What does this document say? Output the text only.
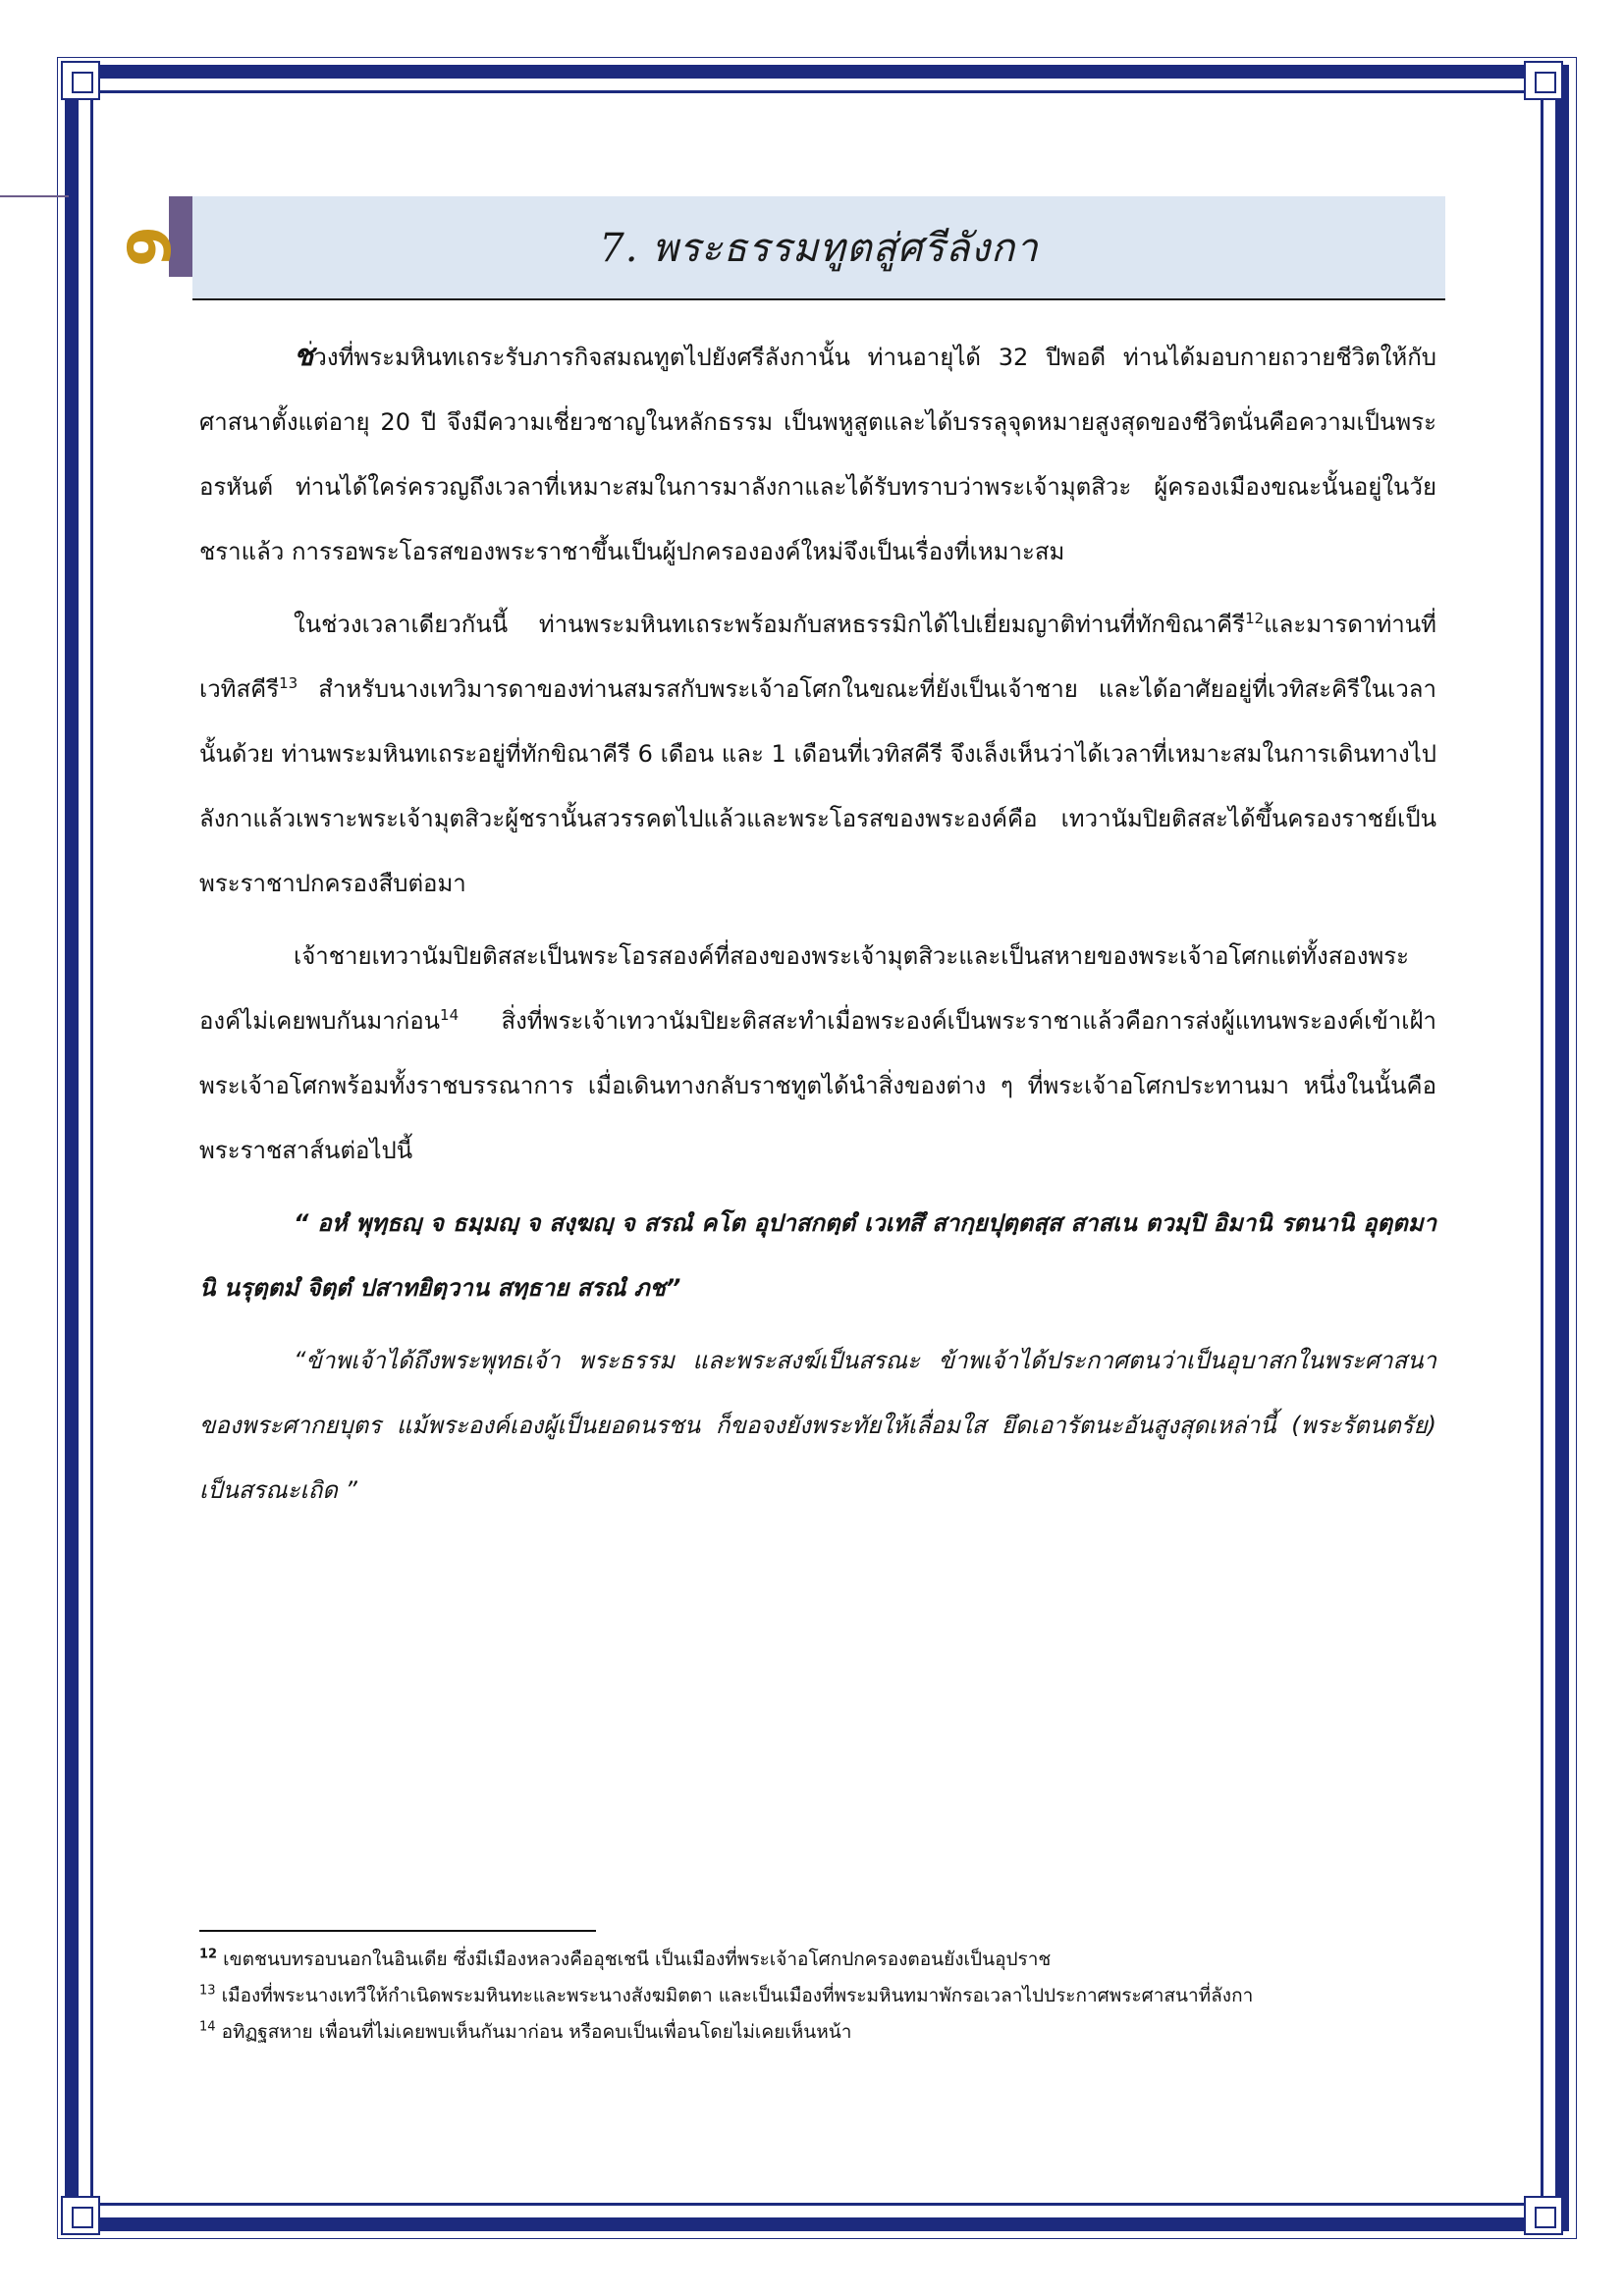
9	7. พระธรรมทูตสู่ศรีลังกา

ช่วงที่พระมหินทเถระรับภารกิจสมณทูตไปยังศรีลังกานั้น ท่านอายุได้ 32 ปีพอดี ท่านได้มอบกายถวายชีวิตให้กับศาสนาตั้งแต่อายุ 20 ปี จึงมีความเชี่ยวชาญในหลักธรรม เป็นพหูสูตและได้บรรลุจุดหมายสูงสุดของชีวิตนั่นคือความเป็นพระอรหันต์ ท่านได้ใคร่ครวญถึงเวลาที่เหมาะสมในการมาลังกาและได้รับทราบว่าพระเจ้ามุตสิวะ ผู้ครองเมืองขณะนั้นอยู่ในวัยชราแล้ว การรอพระโอรสของพระราชาขึ้นเป็นผู้ปกครององค์ใหม่จึงเป็นเรื่องที่เหมาะสม

ในช่วงเวลาเดียวกันนี้ ท่านพระมหินทเถระพร้อมกับสหธรรมิกได้ไปเยี่ยมญาติท่านที่ทักขิณาคีรี$^{12}$และมารดาท่านที่เวทิสคีรี$^{13}$ สำหรับนางเทวิมารดาของท่านสมรสกับพระเจ้าอโศกในขณะที่ยังเป็นเจ้าชาย และได้อาศัยอยู่ที่เวทิสะคิรีในเวลานั้นด้วย ท่านพระมหินทเถระอยู่ที่ทักขิณาคีรี 6 เดือน และ 1 เดือนที่เวทิสคีรี จึงเล็งเห็นว่าได้เวลาที่เหมาะสมในการเดินทางไปลังกาแล้วเพราะพระเจ้ามุตสิวะผู้ชรานั้นสวรรคตไปแล้วและพระโอรสของพระองค์คือ เทวานัมปิยติสสะได้ขึ้นครองราชย์เป็นพระราชาปกครองสืบต่อมา

เจ้าชายเทวานัมปิยติสสะเป็นพระโอรสองค์ที่สองของพระเจ้ามุตสิวะและเป็นสหายของพระเจ้าอโศกแต่ทั้งสองพระองค์ไม่เคยพบกันมาก่อน$^{14}$ สิ่งที่พระเจ้าเทวานัมปิยะติสสะทำเมื่อพระองค์เป็นพระราชาแล้วคือการส่งผู้แทนพระองค์เข้าเฝ้าพระเจ้าอโศกพร้อมทั้งราชบรรณาการ เมื่อเดินทางกลับราชทูตได้นำสิ่งของต่าง ๆ ที่พระเจ้าอโศกประทานมา หนึ่งในนั้นคือพระราชสาส์นต่อไปนี้

“ อหํ พุทฺธญฺ จ ธมฺมญฺ จ สงฺฆญฺ จ สรณํ คโต อุปาสกตฺตํ เวเทสึ สากฺยปุตฺตสฺส สาสเน ตวมฺปิ อิมานิ รตนานิ อุตฺตมานิ นรุตฺตมํ จิตฺตํ ปสาทยิตฺวาน สทฺธาย สรณํ ภช”

“ข้าพเจ้าได้ถึงพระพุทธเจ้า พระธรรม และพระสงฆ์เป็นสรณะ ข้าพเจ้าได้ประกาศตนว่าเป็นอุบาสกในพระศาสนาของพระศากยบุตร แม้พระองค์เองผู้เป็นยอดนรชน ก็ขอจงยังพระทัยให้เลื่อมใส ยึดเอารัตนะอันสูงสุดเหล่านี้ (พระรัตนตรัย) เป็นสรณะเถิด ”

$^{12}$ เขตชนบทรอบนอกในอินเดีย ซึ่งมีเมืองหลวงคืออุชเชนี เป็นเมืองที่พระเจ้าอโศกปกครองตอนยังเป็นอุปราช

$^{13}$ เมืองที่พระนางเทวีให้กำเนิดพระมหินทะและพระนางสังฆมิตตา และเป็นเมืองที่พระมหินทมาพักรอเวลาไปประกาศพระศาสนาที่ลังกา

$^{14}$ อทิฏฐสหาย เพื่อนที่ไม่เคยพบเห็นกันมาก่อน หรือคบเป็นเพื่อนโดยไม่เคยเห็นหน้า
